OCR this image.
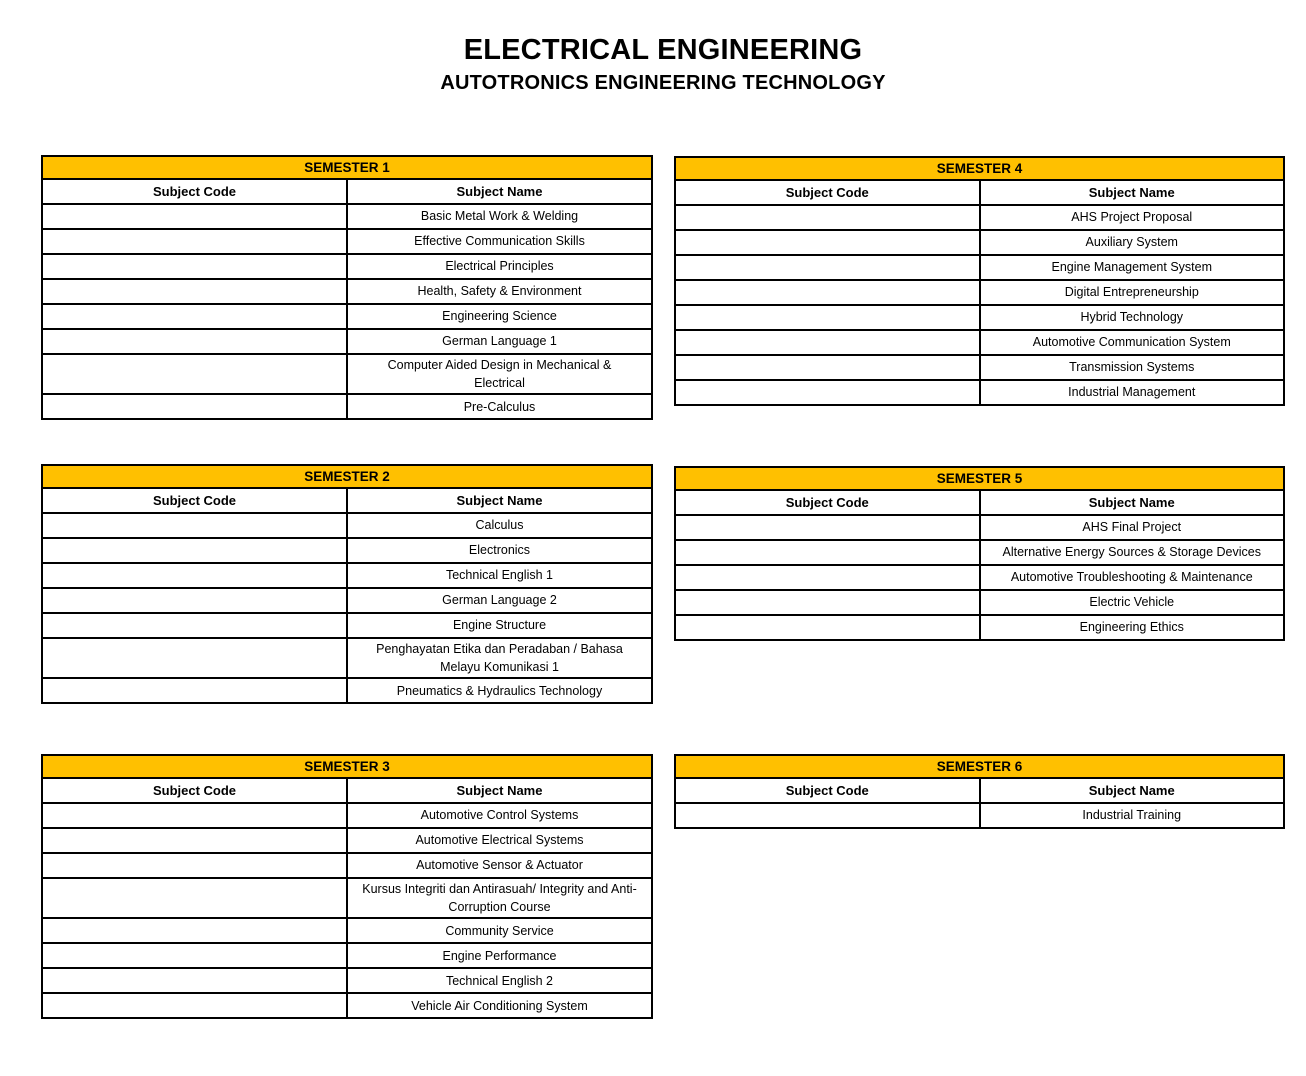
ELECTRICAL ENGINEERING
AUTOTRONICS ENGINEERING TECHNOLOGY
SEMESTER 1	
Subject Code	Subject Name
	Basic Metal Work & Welding
	Effective Communication Skills
	Electrical Principles
	Health, Safety & Environment
	Engineering Science
	German Language 1
	Computer Aided Design in Mechanical & Electrical
	Pre-Calculus
SEMESTER 2	
Subject Code	Subject Name
	Calculus
	Electronics
	Technical English 1
	German Language 2
	Engine Structure
	Penghayatan Etika dan Peradaban / Bahasa Melayu Komunikasi 1
	Pneumatics & Hydraulics Technology
SEMESTER 3	
Subject Code	Subject Name
	Automotive Control Systems
	Automotive Electrical Systems
	Automotive Sensor & Actuator
	Kursus Integriti dan Antirasuah/ Integrity and Anti-Corruption Course
	Community Service
	Engine Performance
	Technical English 2
	Vehicle Air Conditioning System
SEMESTER 4	
Subject Code	Subject Name
	AHS Project Proposal
	Auxiliary System
	Engine Management System
	Digital Entrepreneurship
	Hybrid Technology
	Automotive Communication System
	Transmission Systems
	Industrial Management
SEMESTER 5	
Subject Code	Subject Name
	AHS Final Project
	Alternative Energy Sources & Storage Devices
	Automotive Troubleshooting & Maintenance
	Electric Vehicle
	Engineering Ethics
SEMESTER 6	
Subject Code	Subject Name
	Industrial Training
